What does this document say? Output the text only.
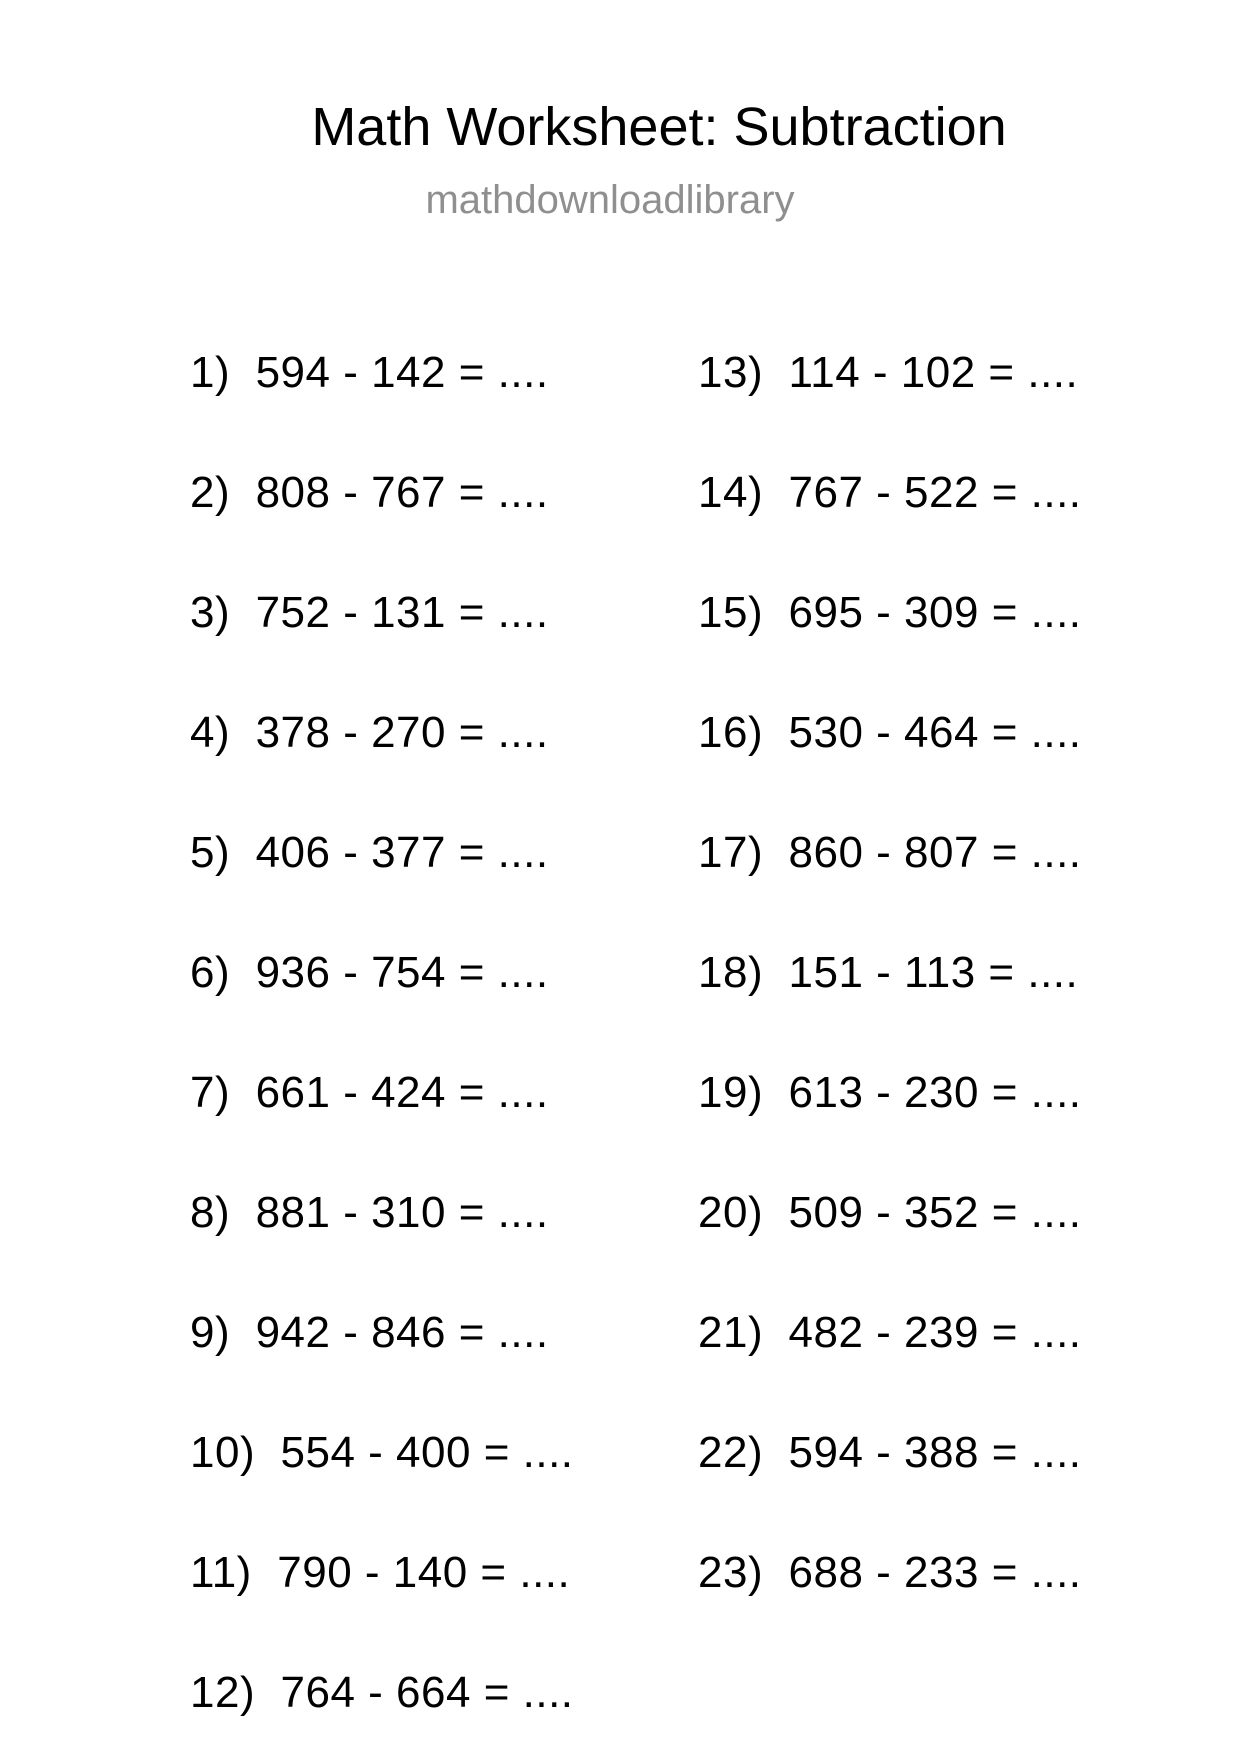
Math Worksheet: Subtraction
mathdownloadlibrary
1)  594 - 142 = ....
2)  808 - 767 = ....
3)  752 - 131 = ....
4)  378 - 270 = ....
5)  406 - 377 = ....
6)  936 - 754 = ....
7)  661 - 424 = ....
8)  881 - 310 = ....
9)  942 - 846 = ....
10)  554 - 400 = ....
11)  790 - 140 = ....
12)  764 - 664 = ....
13)  114 - 102 = ....
14)  767 - 522 = ....
15)  695 - 309 = ....
16)  530 - 464 = ....
17)  860 - 807 = ....
18)  151 - 113 = ....
19)  613 - 230 = ....
20)  509 - 352 = ....
21)  482 - 239 = ....
22)  594 - 388 = ....
23)  688 - 233 = ....
